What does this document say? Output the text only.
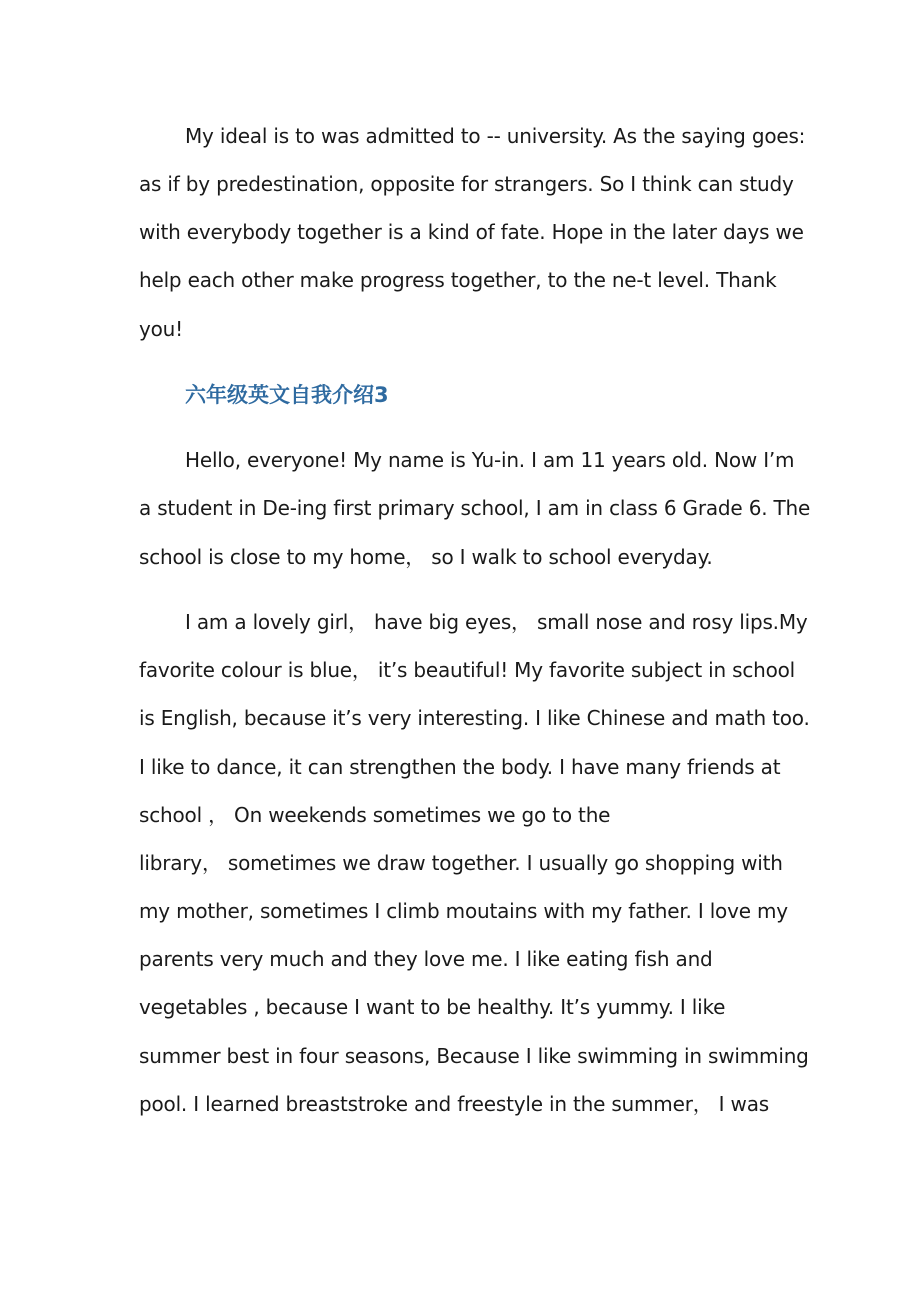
My ideal is to was admitted to -- university. As the saying goes:
as if by predestination, opposite for strangers. So I think can study
with everybody together is a kind of fate. Hope in the later days we
help each other make progress together, to the ne-t level. Thank
you!
六年级英文自我介绍3
Hello, everyone! My name is Yu-in. I am 11 years old. Now I’m
a student in De-ing first primary school, I am in class 6 Grade 6. The
school is close to my home， so I walk to school everyday.
I am a lovely girl， have big eyes， small nose and rosy lips.My
favorite colour is blue， it’s beautiful! My favorite subject in school
is English, because it’s very interesting. I like Chinese and math too.
I like to dance, it can strengthen the body. I have many friends at
school ， On weekends sometimes we go to the
library， sometimes we draw together. I usually go shopping with
my mother, sometimes I climb moutains with my father. I love my
parents very much and they love me. I like eating fish and
vegetables , because I want to be healthy. It’s yummy. I like
summer best in four seasons, Because I like swimming in swimming
pool. I learned breaststroke and freestyle in the summer， I was
